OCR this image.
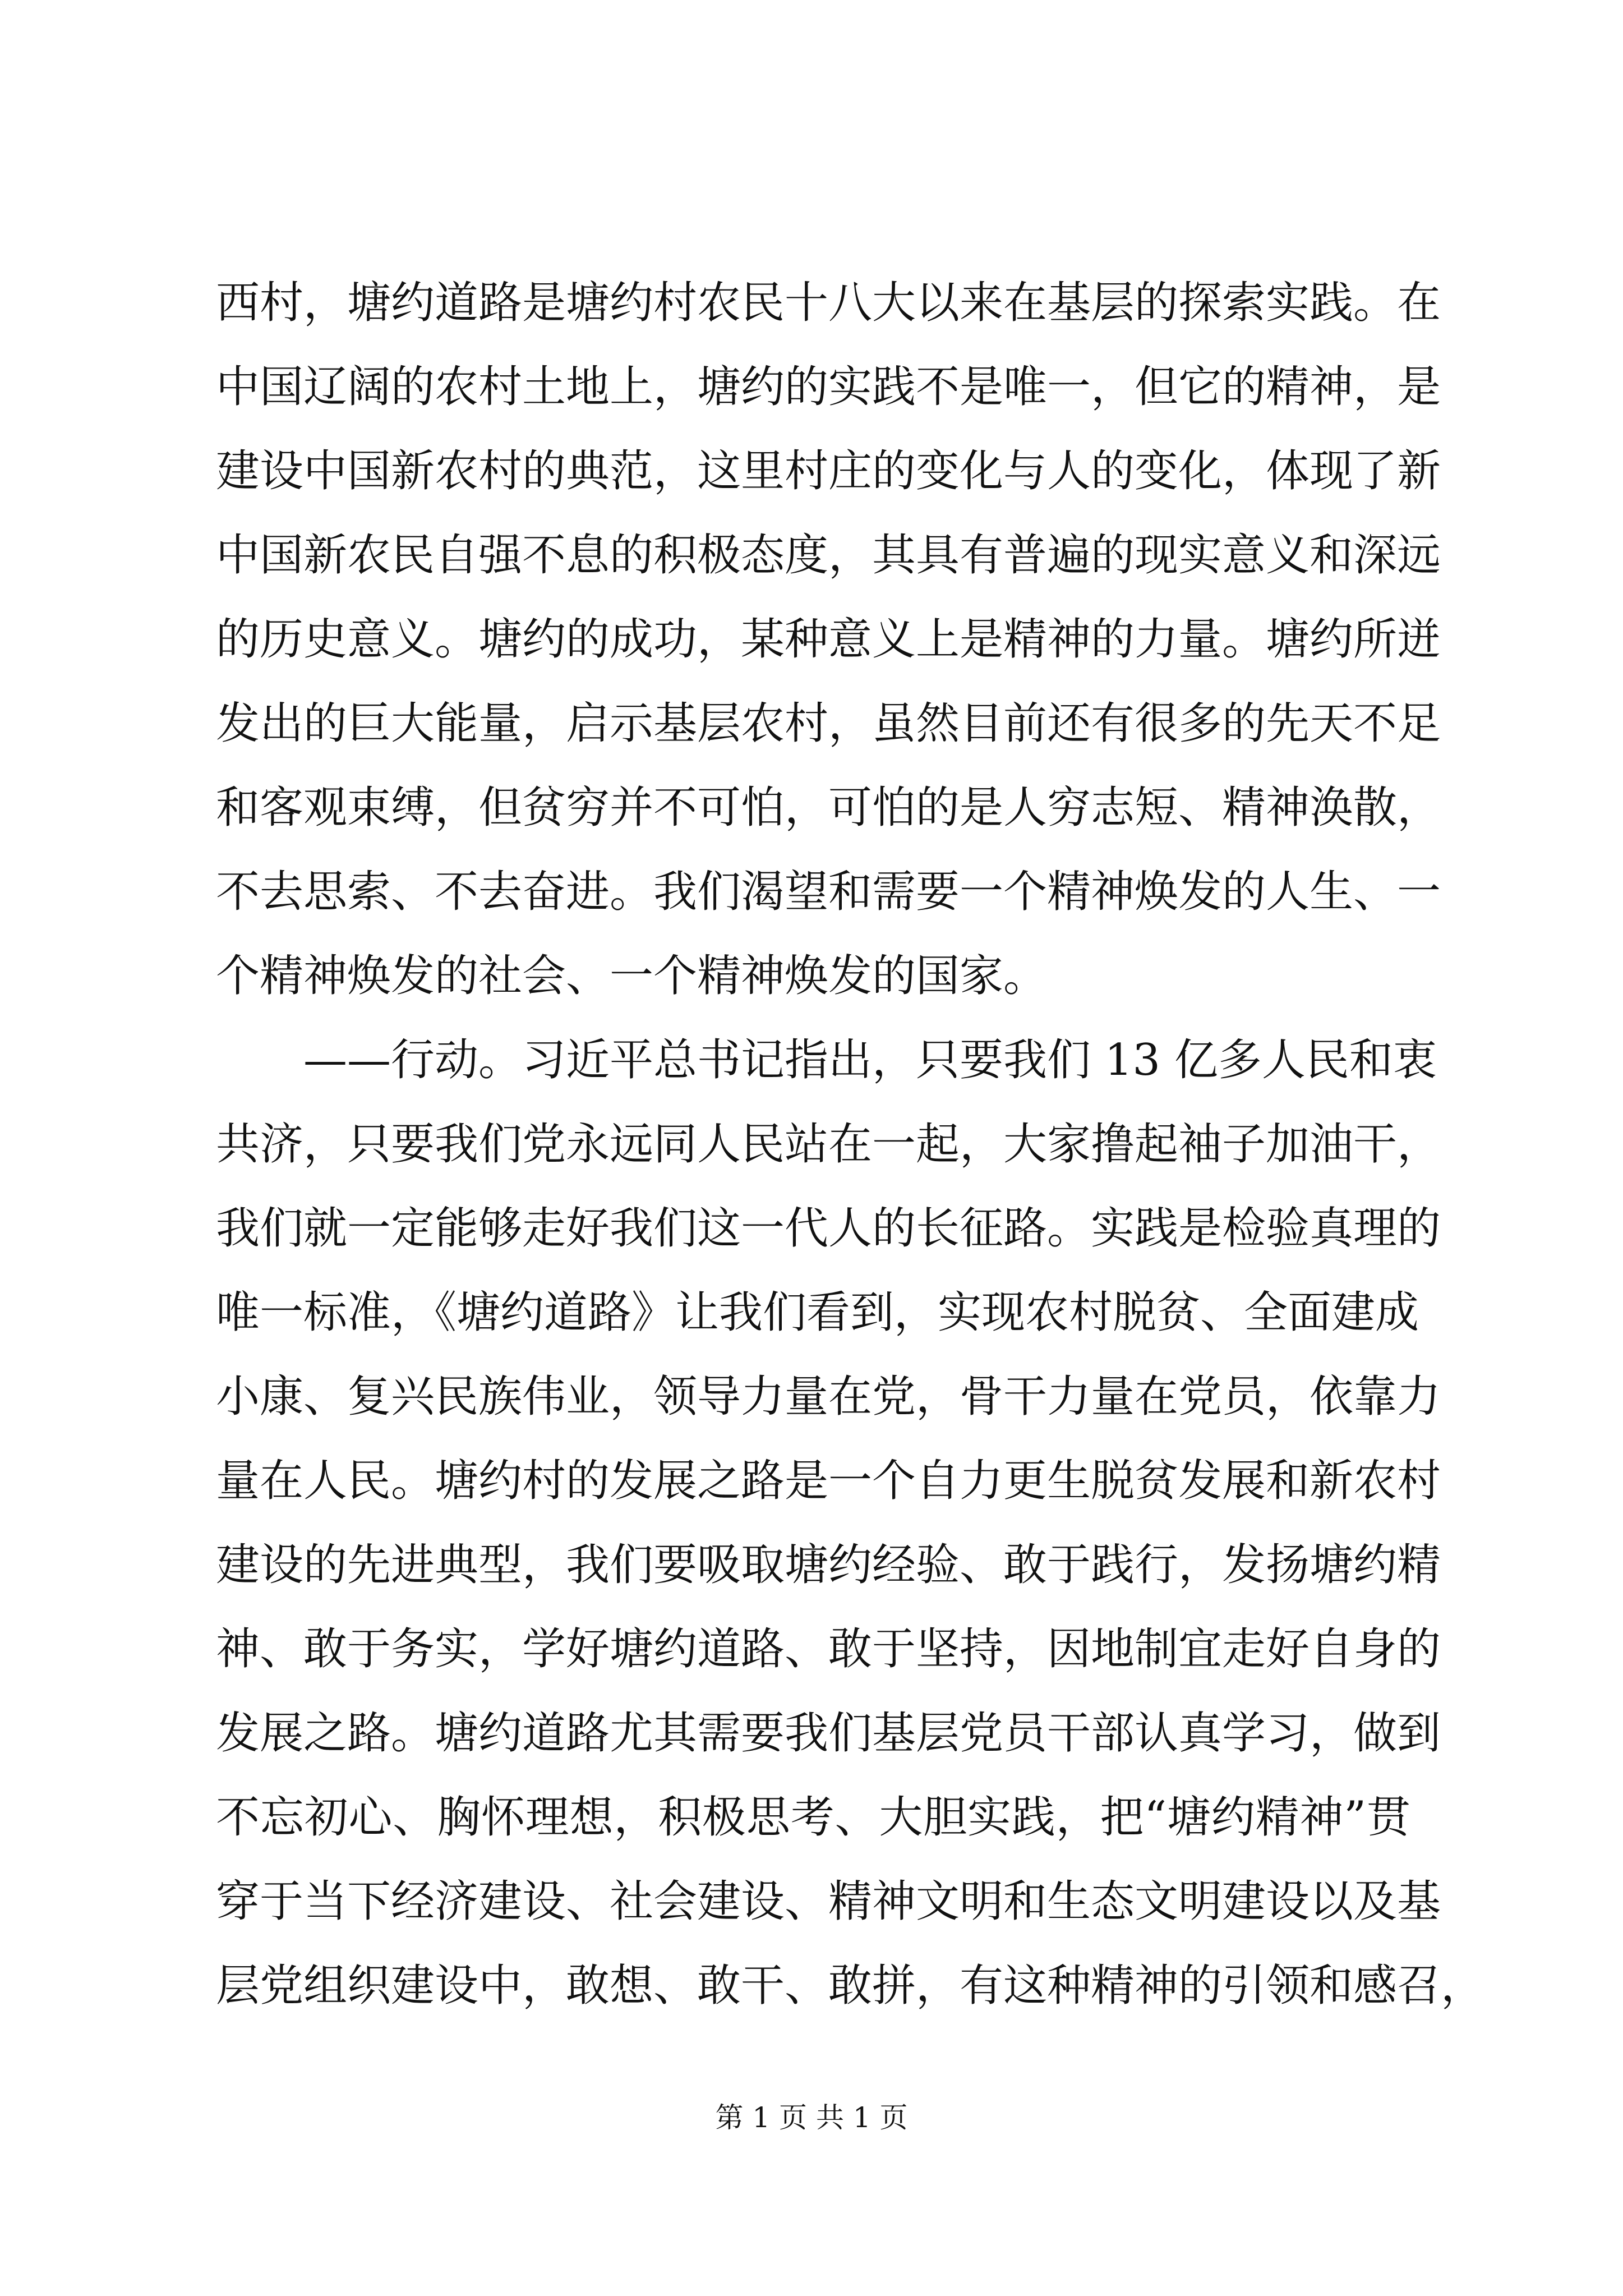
西村，塘约道路是塘约村农民十八大以来在基层的探索实践。在
中国辽阔的农村土地上，塘约的实践不是唯一，但它的精神，是
建设中国新农村的典范，这里村庄的变化与人的变化，体现了新
中国新农民自强不息的积极态度，其具有普遍的现实意义和深远
的历史意义。塘约的成功，某种意义上是精神的力量。塘约所迸
发出的巨大能量，启示基层农村，虽然目前还有很多的先天不足
和客观束缚，但贫穷并不可怕，可怕的是人穷志短、精神涣散，
不去思索、不去奋进。我们渴望和需要一个精神焕发的人生、一
个精神焕发的社会、一个精神焕发的国家。
——行动。习近平总书记指出，只要我们 13 亿多人民和衷
共济，只要我们党永远同人民站在一起，大家撸起袖子加油干，
我们就一定能够走好我们这一代人的长征路。实践是检验真理的
唯一标准，《塘约道路》让我们看到，实现农村脱贫、全面建成
小康、复兴民族伟业，领导力量在党，骨干力量在党员，依靠力
量在人民。塘约村的发展之路是一个自力更生脱贫发展和新农村
建设的先进典型，我们要吸取塘约经验、敢于践行，发扬塘约精
神、敢于务实，学好塘约道路、敢于坚持，因地制宜走好自身的
发展之路。塘约道路尤其需要我们基层党员干部认真学习，做到
不忘初心、胸怀理想，积极思考、大胆实践，把“塘约精神”贯
穿于当下经济建设、社会建设、精神文明和生态文明建设以及基
层党组织建设中，敢想、敢干、敢拼，有这种精神的引领和感召，
第 1 页 共 1 页
